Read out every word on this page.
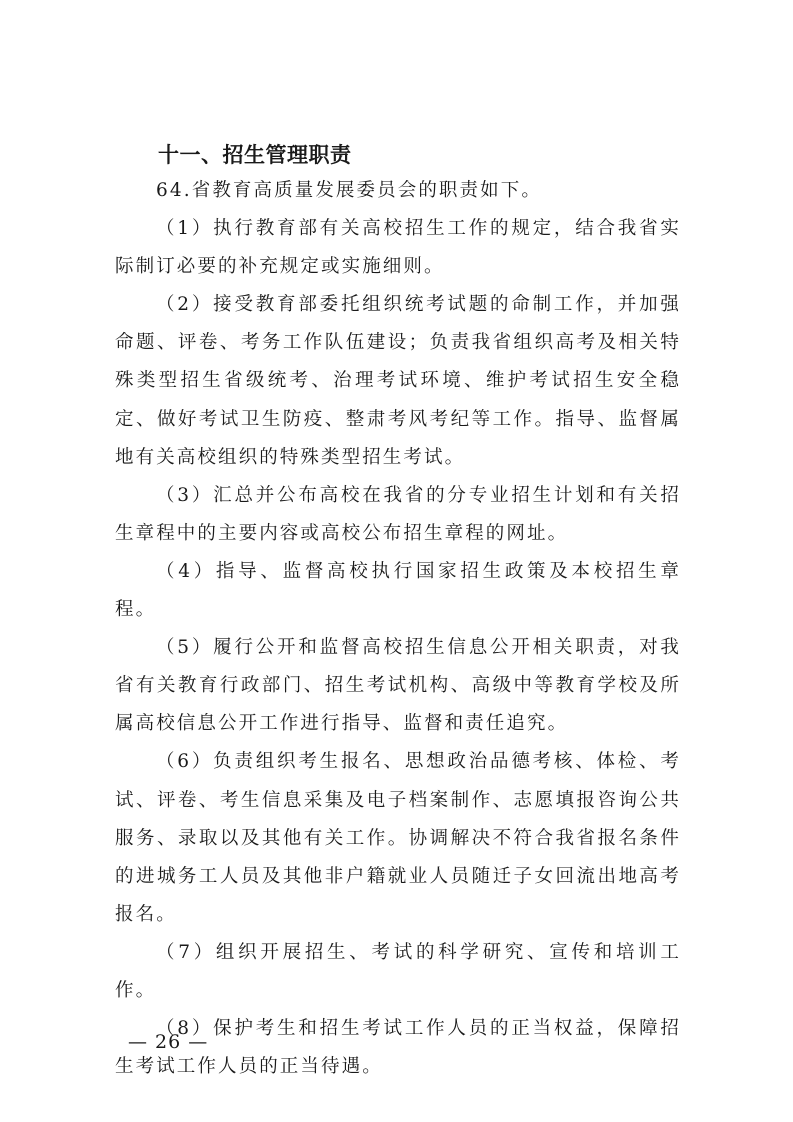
十一、招生管理职责

64.省教育高质量发展委员会的职责如下。

（1）执行教育部有关高校招生工作的规定，结合我省实际制订必要的补充规定或实施细则。

（2）接受教育部委托组织统考试题的命制工作，并加强命题、评卷、考务工作队伍建设；负责我省组织高考及相关特殊类型招生省级统考、治理考试环境、维护考试招生安全稳定、做好考试卫生防疫、整肃考风考纪等工作。指导、监督属地有关高校组织的特殊类型招生考试。

（3）汇总并公布高校在我省的分专业招生计划和有关招生章程中的主要内容或高校公布招生章程的网址。

（4）指导、监督高校执行国家招生政策及本校招生章程。

（5）履行公开和监督高校招生信息公开相关职责，对我省有关教育行政部门、招生考试机构、高级中等教育学校及所属高校信息公开工作进行指导、监督和责任追究。

（6）负责组织考生报名、思想政治品德考核、体检、考试、评卷、考生信息采集及电子档案制作、志愿填报咨询公共服务、录取以及其他有关工作。协调解决不符合我省报名条件的进城务工人员及其他非户籍就业人员随迁子女回流出地高考报名。

（7）组织开展招生、考试的科学研究、宣传和培训工作。

（8）保护考生和招生考试工作人员的正当权益，保障招生考试工作人员的正当待遇。

— 26 —
